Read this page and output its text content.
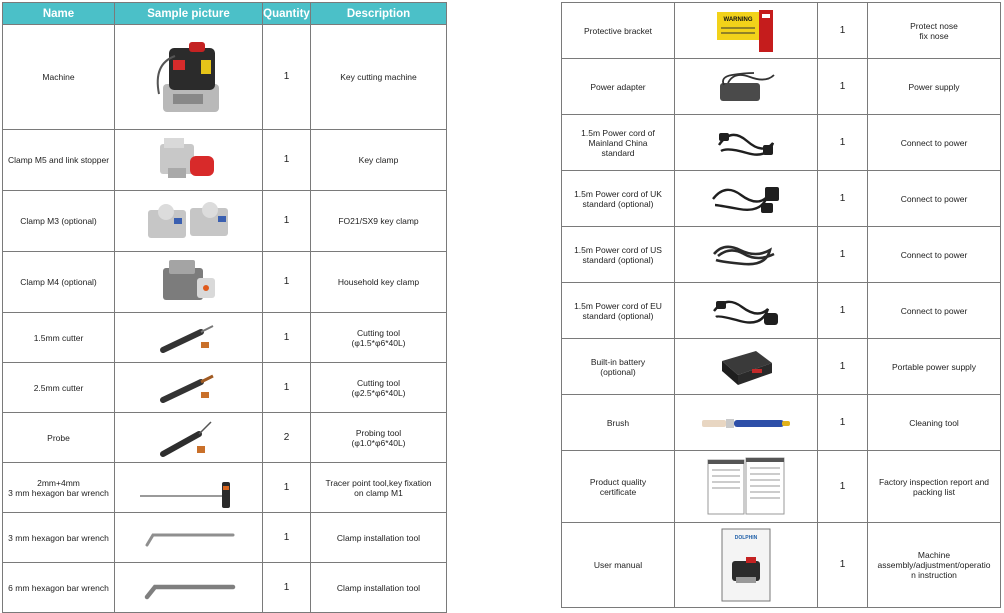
Name	Sample picture	Quantity	Description
Machine		1	Key cutting machine
Clamp M5 and link stopper		1	Key clamp
Clamp M3 (optional)		1	FO21/SX9 key clamp
Clamp M4 (optional)		1	Household key clamp
1.5mm cutter		1	Cutting tool
(φ1.5*φ6*40L)
2.5mm cutter		1	Cutting tool
(φ2.5*φ6*40L)
Probe		2	Probing tool
(φ1.0*φ6*40L)
2mm+4mm
3 mm hexagon bar wrench		1	Tracer point tool,key fixation
on clamp M1
3 mm hexagon bar wrench		1	Clamp installation tool
6 mm hexagon bar wrench		1	Clamp installation tool
Protective bracket	WARNING	1	Protect nose
fix nose
Power adapter		1	Power supply
1.5m Power cord of
Mainland China
standard		1	Connect to power
1.5m Power cord of UK
standard (optional)		1	Connect to power
1.5m Power cord of US
standard (optional)		1	Connect to power
1.5m Power cord of EU
standard (optional)		1	Connect to power
Built-in battery
(optional)		1	Portable power supply
Brush		1	Cleaning tool
Product quality
certificate		1	Factory inspection report and
packing list
User manual	DOLPHIN	1	Machine
assembly/adjustment/operatio
n instruction
